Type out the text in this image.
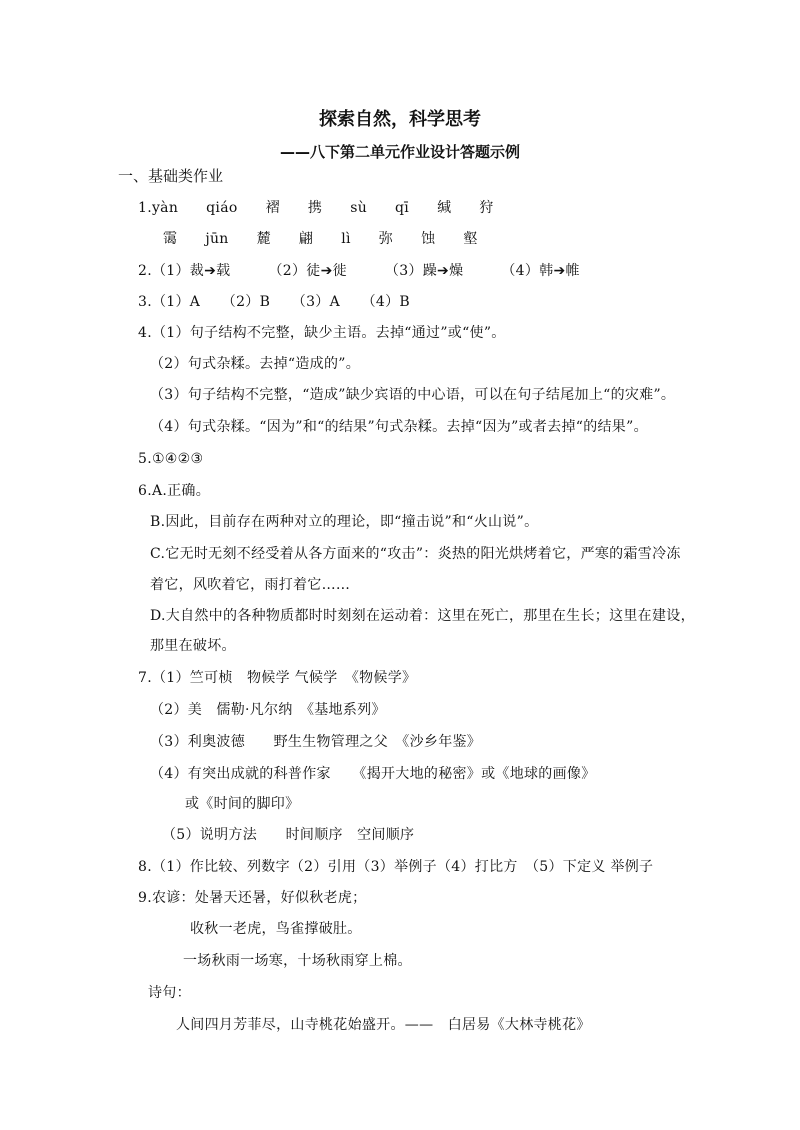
探索自然，科学思考
——八下第二单元作业设计答题示例
一、基础类作业
1.yàn qiáo 褶 携 sù qī 缄 狩
霭 jūn 麓 翩 lì 弥 蚀 壑
2.（1）裁➔载	（2）徒➔徙	（3）躁➔燥	（4）韩➔帷
3.（1）A　　（2）B　　（3）A　　（4）B
4.（1）句子结构不完整，缺少主语。去掉“通过”或“使”。
（2）句式杂糅。去掉“造成的”。
（3）句子结构不完整，“造成”缺少宾语的中心语，可以在句子结尾加上“的灾难”。
（4）句式杂糅。“因为”和“的结果”句式杂糅。去掉“因为”或者去掉“的结果”。
5.①④②③
6.A.正确。
B.因此，目前存在两种对立的理论，即“撞击说”和“火山说”。
C.它无时无刻不经受着从各方面来的“攻击”：炎热的阳光烘烤着它，严寒的霜雪冷冻
着它，风吹着它，雨打着它……
D.大自然中的各种物质都时时刻刻在运动着：这里在死亡，那里在生长；这里在建设，
那里在破坏。
7.（1）竺可桢　物候学 气候学　《物候学》
（2）美　儒勒·凡尔纳　《基地系列》
（3）利奥波德　　野生生物管理之父　《沙乡年鉴》
（4）有突出成就的科普作家　　《揭开大地的秘密》或《地球的画像》
或《时间的脚印》
（5）说明方法　　时间顺序　空间顺序
8.（1）作比较、列数字（2）引用（3）举例子（4）打比方　（5）下定义 举例子
9.农谚：处暑天还暑，好似秋老虎；
收秋一老虎，鸟雀撑破肚。
一场秋雨一场寒，十场秋雨穿上棉。
诗句：
人间四月芳菲尽，山寺桃花始盛开。——　白居易《大林寺桃花》
